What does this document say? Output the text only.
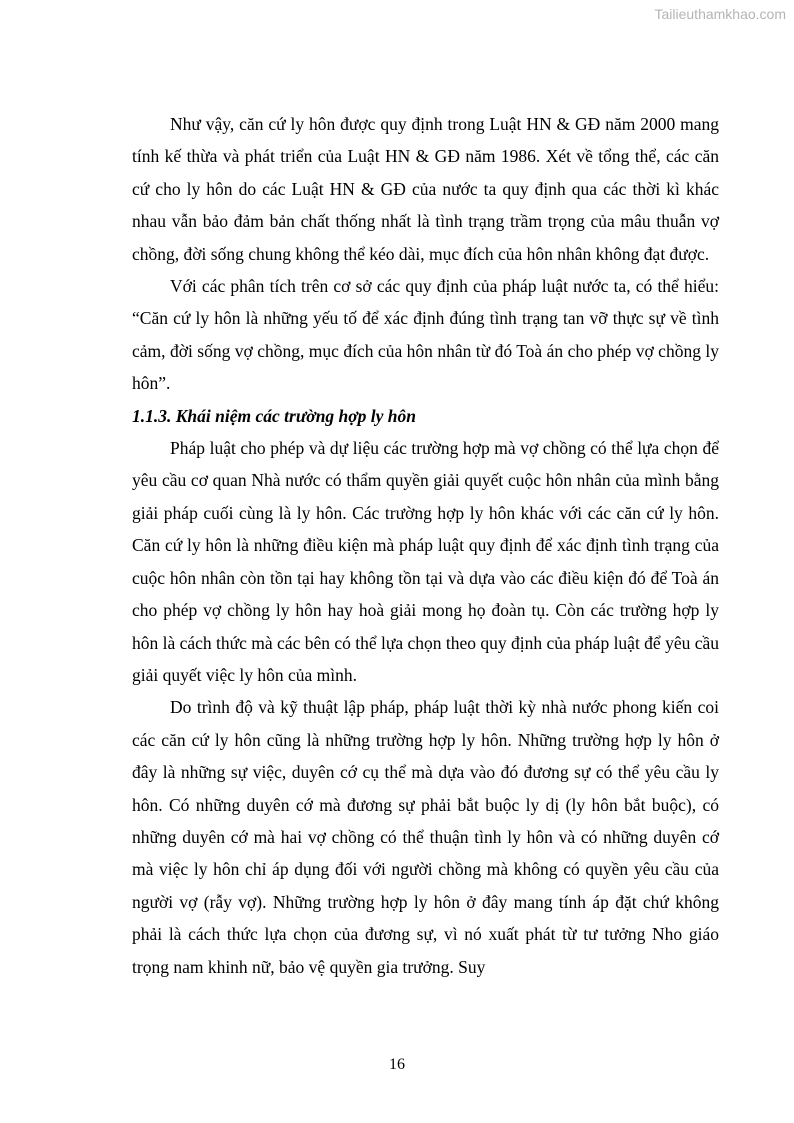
Tailieuthamkhao.com

Như vậy, căn cứ ly hôn được quy định trong Luật HN & GĐ năm 2000 mang tính kế thừa và phát triển của Luật HN & GĐ năm 1986. Xét về tổng thể, các căn cứ cho ly hôn do các Luật HN & GĐ của nước ta quy định qua các thời kì khác nhau vẫn bảo đảm bản chất thống nhất là tình trạng trầm trọng của mâu thuẫn vợ chồng, đời sống chung không thể kéo dài, mục đích của hôn nhân không đạt được.

Với các phân tích trên cơ sở các quy định của pháp luật nước ta, có thể hiểu: “Căn cứ ly hôn là những yếu tố để xác định đúng tình trạng tan vỡ thực sự về tình cảm, đời sống vợ chồng, mục đích của hôn nhân từ đó Toà án cho phép vợ chồng ly hôn”.

1.1.3. Khái niệm các trường hợp ly hôn

Pháp luật cho phép và dự liệu các trường hợp mà vợ chồng có thể lựa chọn để yêu cầu cơ quan Nhà nước có thẩm quyền giải quyết cuộc hôn nhân của mình bằng giải pháp cuối cùng là ly hôn. Các trường hợp ly hôn khác với các căn cứ ly hôn. Căn cứ ly hôn là những điều kiện mà pháp luật quy định để xác định tình trạng của cuộc hôn nhân còn tồn tại hay không tồn tại và dựa vào các điều kiện đó để Toà án cho phép vợ chồng ly hôn hay hoà giải mong họ đoàn tụ. Còn các trường hợp ly hôn là cách thức mà các bên có thể lựa chọn theo quy định của pháp luật để yêu cầu giải quyết việc ly hôn của mình.

Do trình độ và kỹ thuật lập pháp, pháp luật thời kỳ nhà nước phong kiến coi các căn cứ ly hôn cũng là những trường hợp ly hôn. Những trường hợp ly hôn ở đây là những sự việc, duyên cớ cụ thể mà dựa vào đó đương sự có thể yêu cầu ly hôn. Có những duyên cớ mà đương sự phải bắt buộc ly dị (ly hôn bắt buộc), có những duyên cớ mà hai vợ chồng có thể thuận tình ly hôn và có những duyên cớ mà việc ly hôn chỉ áp dụng đối với người chồng mà không có quyền yêu cầu của người vợ (rẫy vợ). Những trường hợp ly hôn ở đây mang tính áp đặt chứ không phải là cách thức lựa chọn của đương sự, vì nó xuất phát từ tư tưởng Nho giáo trọng nam khinh nữ, bảo vệ quyền gia trưởng. Suy

16
